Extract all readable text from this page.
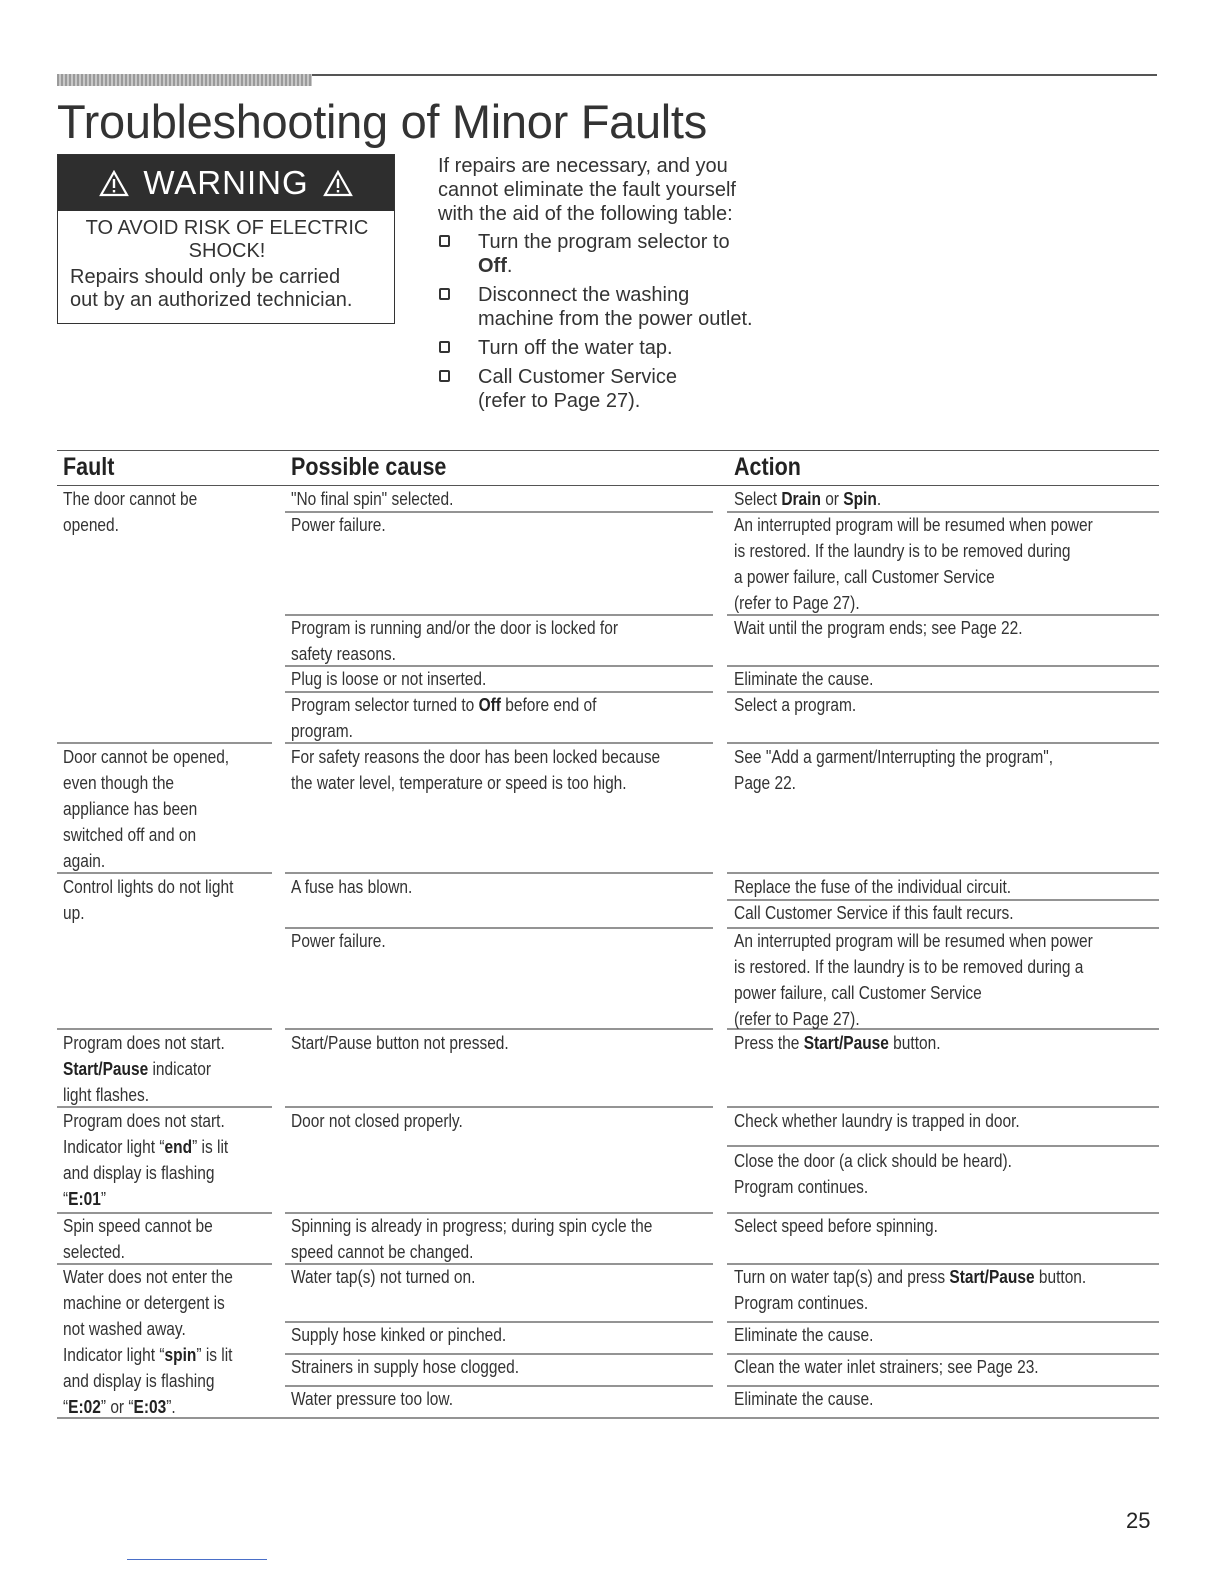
Troubleshooting of Minor Faults
WARNING

TO AVOID RISK OF ELECTRIC

SHOCK!

Repairs should only be carried

out by an authorized technician.

If repairs are necessary, and you

cannot eliminate the fault yourself

with the aid of the following table:

Turn the program selector to
Off.
Disconnect the washing
machine from the power outlet.
Turn off the water tap.
Call Customer Service
(refer to Page 27).
Fault	Possible cause	Action
The door cannot be
opened.
Door cannot be opened,
even though the
appliance has been
switched off and on
again.
Control lights do not light
up.
Program does not start.
Start/Pause indicator
light flashes.
Program does not start.
Indicator light “end” is lit
and display is flashing
“E:01”
Spin speed cannot be
selected.
Water does not enter the
machine or detergent is
not washed away.
Indicator light “spin” is lit
and display is flashing
“E:02” or “E:03”.
"No final spin" selected.
Power failure.
Program is running and/or the door is locked for
safety reasons.
Plug is loose or not inserted.
Program selector turned to Off before end of
program.
For safety reasons the door has been locked because
the water level, temperature or speed is too high.
A fuse has blown.
Power failure.
Start/Pause button not pressed.
Door not closed properly.
Spinning is already in progress; during spin cycle the
speed cannot be changed.
Water tap(s) not turned on.
Supply hose kinked or pinched.
Strainers in supply hose clogged.
Water pressure too low.
Select Drain or Spin.
An interrupted program will be resumed when power
is restored. If the laundry is to be removed during
a power failure, call Customer Service
(refer to Page 27).
Wait until the program ends; see Page 22.
Eliminate the cause.
Select a program.
See "Add a garment/Interrupting the program",
Page 22.
Replace the fuse of the individual circuit.
Call Customer Service if this fault recurs.
An interrupted program will be resumed when power
is restored. If the laundry is to be removed during a
power failure, call Customer Service
(refer to Page 27).
Press the Start/Pause button.
Check whether laundry is trapped in door.
Close the door (a click should be heard).
Program continues.
Select speed before spinning.
Turn on water tap(s) and press Start/Pause button.
Program continues.
Eliminate the cause.
Clean the water inlet strainers; see Page 23.
Eliminate the cause.
25
